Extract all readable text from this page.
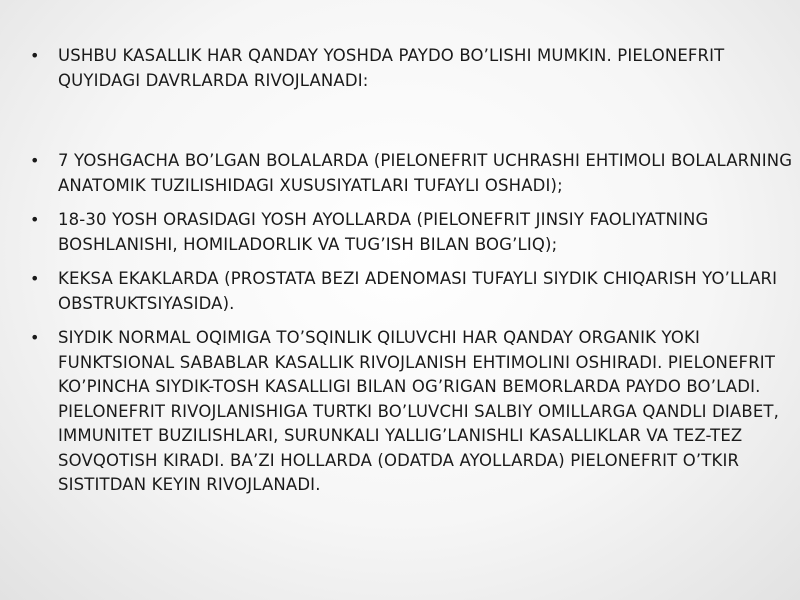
•	USHBU KASALLIK HAR QANDAY YOSHDA PAYDO BO’LISHI MUMKIN. PIELONEFRIT QUYIDAGI DAVRLARDA RIVOJLANADI:
•	7 YOSHGACHA BO’LGAN BOLALARDA (PIELONEFRIT UCHRASHI EHTIMOLI BOLALARNING ANATOMIK TUZILISHIDAGI XUSUSIYATLARI TUFAYLI OSHADI);
•	18-30 YOSH ORASIDAGI YOSH AYOLLARDA (PIELONEFRIT JINSIY FAOLIYATNING BOSHLANISHI, HOMILADORLIK VA TUG’ISH BILAN BOG’LIQ);
•	KEKSA EKAKLARDA (PROSTATA BEZI ADENOMASI TUFAYLI SIYDIK CHIQARISH YO’LLARI OBSTRUKTSIYASIDA).
•	SIYDIK NORMAL OQIMIGA TO’SQINLIK QILUVCHI HAR QANDAY ORGANIK YOKI FUNKTSIONAL SABABLAR KASALLIK RIVOJLANISH EHTIMOLINI OSHIRADI. PIELONEFRIT KO’PINCHA SIYDIK-TOSH KASALLIGI BILAN OG’RIGAN BEMORLARDA PAYDO BO’LADI. PIELONEFRIT RIVOJLANISHIGA TURTKI BO’LUVCHI SALBIY OMILLARGA QANDLI DIABET, IMMUNITET BUZILISHLARI, SURUNKALI YALLIG’LANISHLI KASALLIKLAR VA TEZ-TEZ SOVQOTISH KIRADI. BA’ZI HOLLARDA (ODATDA AYOLLARDA) PIELONEFRIT O’TKIR SISTITDAN KEYIN RIVOJLANADI.
